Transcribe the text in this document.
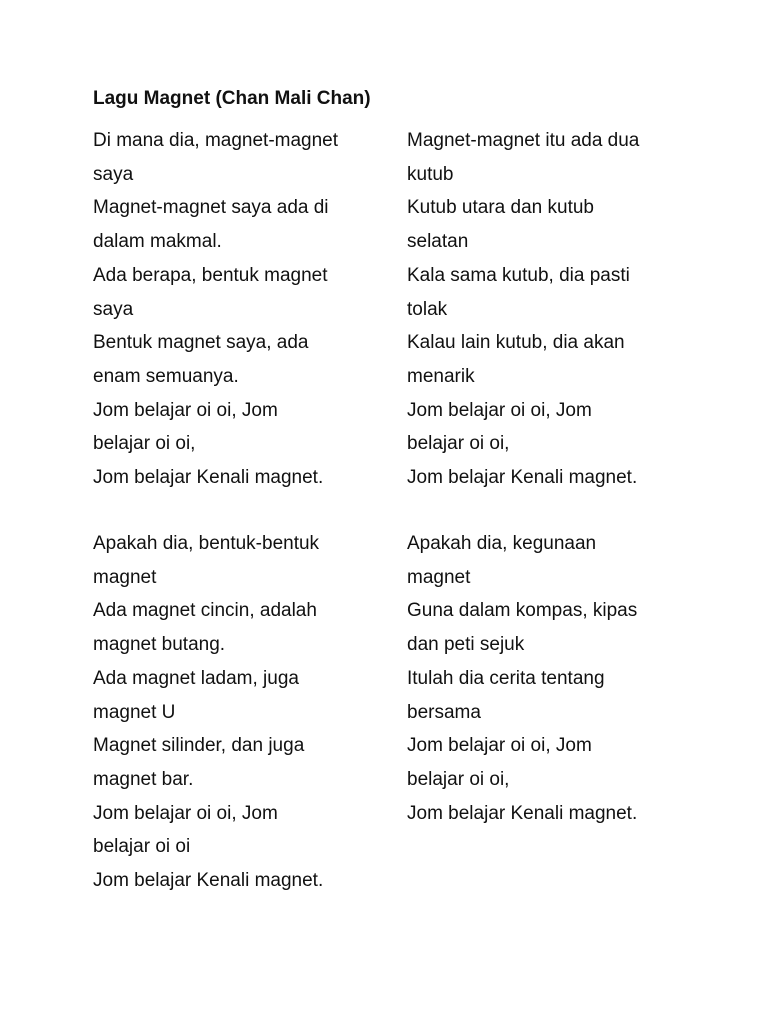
Lagu Magnet (Chan Mali Chan)
Di mana dia, magnet-magnet
saya
Magnet-magnet saya ada di
dalam makmal.
Ada berapa, bentuk magnet
saya
Bentuk magnet saya, ada
enam semuanya.
Jom belajar oi oi, Jom
belajar oi oi,
Jom belajar Kenali magnet.
Magnet-magnet itu ada dua
kutub
Kutub utara dan kutub
selatan
Kala sama kutub, dia pasti
tolak
Kalau lain kutub, dia akan
menarik
Jom belajar oi oi, Jom
belajar oi oi,
Jom belajar Kenali magnet.
Apakah dia, bentuk-bentuk
magnet
Ada magnet cincin, adalah
magnet butang.
Ada magnet ladam, juga
magnet U
Magnet silinder, dan juga
magnet bar.
Jom belajar oi oi, Jom
belajar oi oi
Jom belajar Kenali magnet.
Apakah dia, kegunaan
magnet
Guna dalam kompas, kipas
dan peti sejuk
Itulah dia cerita tentang
bersama
Jom belajar oi oi, Jom
belajar oi oi,
Jom belajar Kenali magnet.
